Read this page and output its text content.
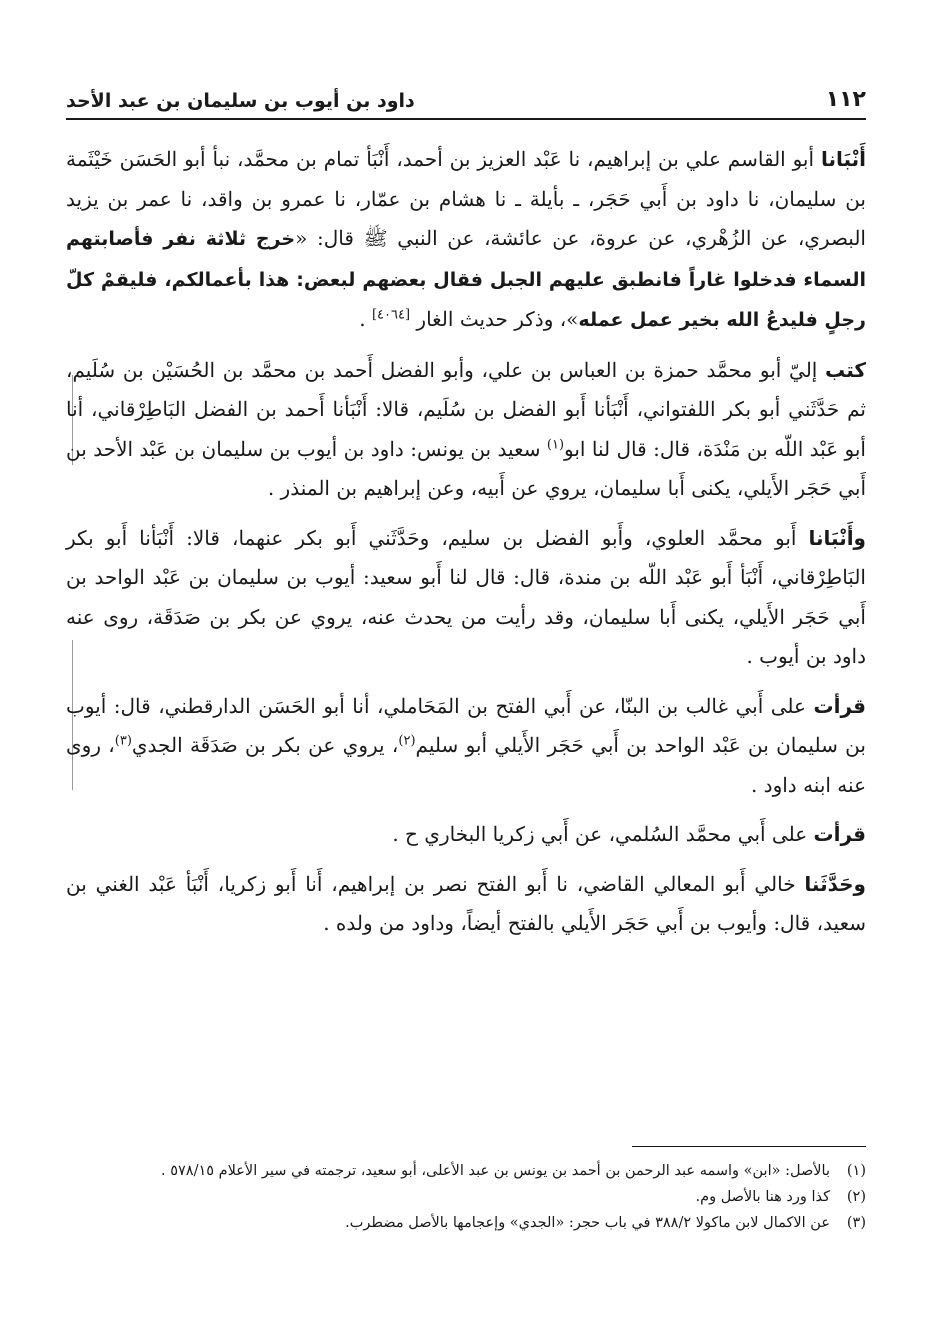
١١٢
داود بن أيوب بن سليمان بن عبد الأحد

أَنْبَانا أبو القاسم علي بن إبراهيم، نا عَبْد العزيز بن أحمد، أَنْبَأ تمام بن محمَّد، نبأ أبو الحَسَن خَيْثَمة بن سليمان، نا داود بن أَبي حَجَر، ـ بأيلة ـ نا هشام بن عمّار، نا عمرو بن واقد، نا عمر بن يزيد البصري، عن الزُهْري، عن عروة، عن عائشة، عن النبي ﷺ قال: «خرج ثلاثة نفر فأصابتهم السماء فدخلوا غاراً فانطبق عليهم الجبل فقال بعضهم لبعض: هذا بأعمالكم، فليقمْ كلّ رجلٍ فليدعُ الله بخير عمل عمله»، وذكر حديث الغار [٤٠٦٤] .

كتب إليّ أبو محمَّد حمزة بن العباس بن علي، وأبو الفضل أَحمد بن محمَّد بن الحُسَيْن بن سُلَيم، ثم حَدَّثَني أبو بكر اللفتواني، أَنْبَأنا أَبو الفضل بن سُلَيم، قالا: أَنْبَأنا أَحمد بن الفضل البَاطِرْقاني، أنا أبو عَبْد اللّه بن مَنْدَة، قال: قال لنا ابو$^{(١)}$ سعيد بن يونس: داود بن أيوب بن سليمان بن عَبْد الأحد بن أَبي حَجَر الأَيلي، يكنى أَبا سليمان، يروي عن أَبيه، وعن إبراهيم بن المنذر .

وأَنْبَانا أَبو محمَّد العلوي، وأَبو الفضل بن سليم، وحَدَّثَني أَبو بكر عنهما، قالا: أَنْبَأنا أَبو بكر البَاطِرْقاني، أَنْبَأ أَبو عَبْد اللّه بن مندة، قال: قال لنا أَبو سعيد: أيوب بن سليمان بن عَبْد الواحد بن أَبي حَجَر الأَيلي، يكنى أَبا سليمان، وقد رأيت من يحدث عنه، يروي عن بكر بن صَدَقَة، روى عنه داود بن أيوب .

قرأت على أَبي غالب بن البنّا، عن أَبي الفتح بن المَحَاملي، أنا أبو الحَسَن الدارقطني، قال: أيوب بن سليمان بن عَبْد الواحد بن أَبي حَجَر الأَيلي أبو سليم$^{(٢)}$، يروي عن بكر بن صَدَقَة الجدي$^{(٣)}$، روى عنه ابنه داود .

قرأت على أَبي محمَّد السُلمي، عن أَبي زكريا البخاري ح .

وحَدَّثَنا خالي أَبو المعالي القاضي، نا أَبو الفتح نصر بن إبراهيم، أَنا أَبو زكريا، أَنْبَأ عَبْد الغني بن سعيد، قال: وأيوب بن أَبي حَجَر الأَيلي بالفتح أيضاً، وداود من ولده .

(١)
بالأصل: «ابن» واسمه عبد الرحمن بن أحمد بن يونس بن عبد الأعلى، أبو سعيد، ترجمته في سير الأعلام ٥٧٨/١٥ .
(٢)
كذا ورد هنا بالأصل وم.
(٣)
عن الاكمال لابن ماكولا ٣٨٨/٢ في باب حجر: «الجدي» وإعجامها بالأصل مضطرب.
